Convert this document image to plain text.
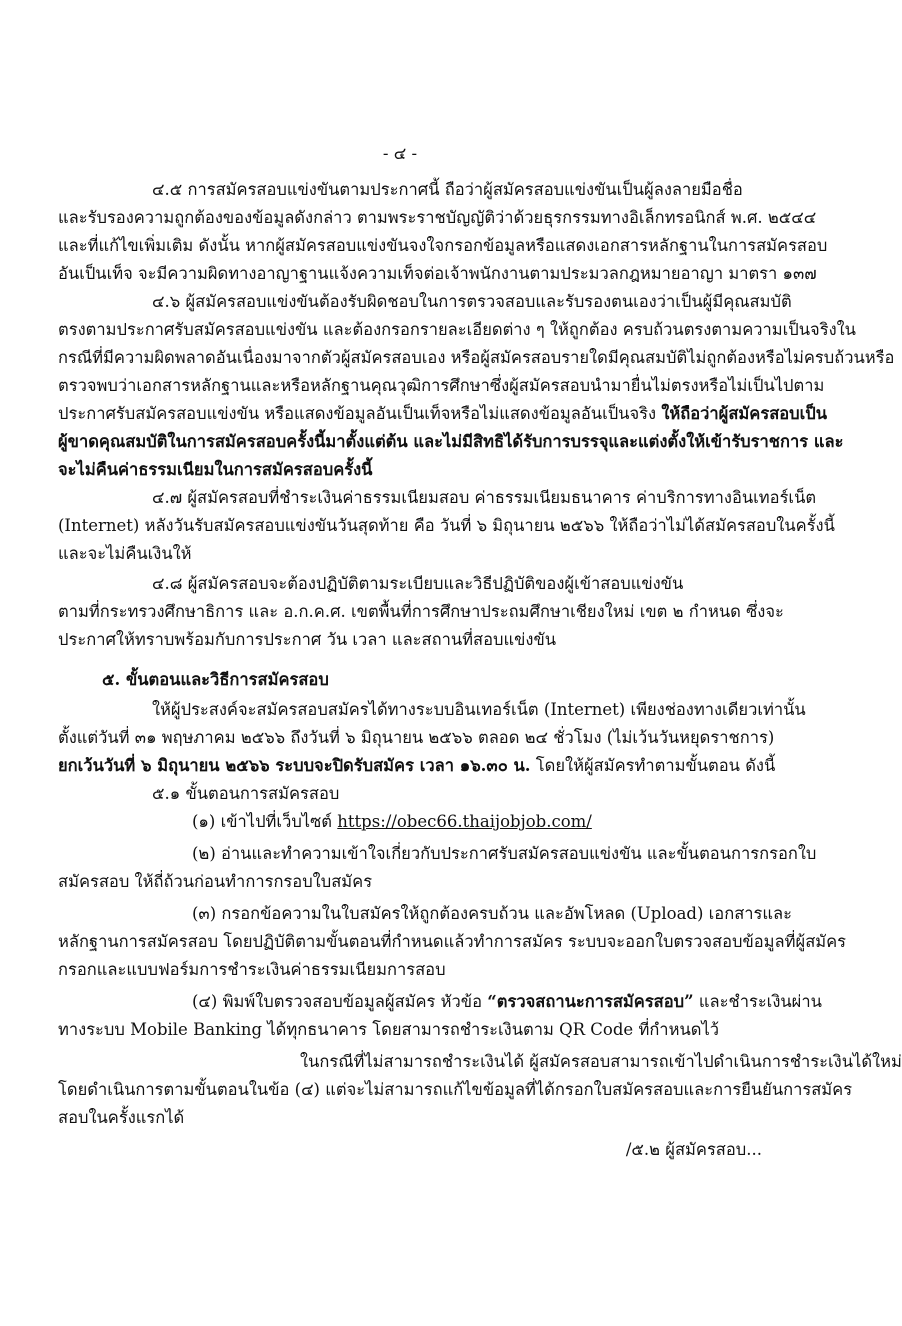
- ๔ -
๔.๕ การสมัครสอบแข่งขันตามประกาศนี้ ถือว่าผู้สมัครสอบแข่งขันเป็นผู้ลงลายมือชื่อ
และรับรองความถูกต้องของข้อมูลดังกล่าว ตามพระราชบัญญัติว่าด้วยธุรกรรมทางอิเล็กทรอนิกส์ พ.ศ. ๒๕๔๔
และที่แก้ไขเพิ่มเติม ดังนั้น หากผู้สมัครสอบแข่งขันจงใจกรอกข้อมูลหรือแสดงเอกสารหลักฐานในการสมัครสอบ
อันเป็นเท็จ จะมีความผิดทางอาญาฐานแจ้งความเท็จต่อเจ้าพนักงานตามประมวลกฎหมายอาญา มาตรา ๑๓๗
๔.๖ ผู้สมัครสอบแข่งขันต้องรับผิดชอบในการตรวจสอบและรับรองตนเองว่าเป็นผู้มีคุณสมบัติ
ตรงตามประกาศรับสมัครสอบแข่งขัน และต้องกรอกรายละเอียดต่าง ๆ ให้ถูกต้อง ครบถ้วนตรงตามความเป็นจริงใน
กรณีที่มีความผิดพลาดอันเนื่องมาจากตัวผู้สมัครสอบเอง หรือผู้สมัครสอบรายใดมีคุณสมบัติไม่ถูกต้องหรือไม่ครบถ้วนหรือ
ตรวจพบว่าเอกสารหลักฐานและหรือหลักฐานคุณวุฒิการศึกษาซึ่งผู้สมัครสอบนำมายื่นไม่ตรงหรือไม่เป็นไปตาม
ประกาศรับสมัครสอบแข่งขัน หรือแสดงข้อมูลอันเป็นเท็จหรือไม่แสดงข้อมูลอันเป็นจริง ให้ถือว่าผู้สมัครสอบเป็น
ผู้ขาดคุณสมบัติในการสมัครสอบครั้งนี้มาตั้งแต่ต้น และไม่มีสิทธิได้รับการบรรจุและแต่งตั้งให้เข้ารับราชการ และ
จะไม่คืนค่าธรรมเนียมในการสมัครสอบครั้งนี้
๔.๗ ผู้สมัครสอบที่ชำระเงินค่าธรรมเนียมสอบ ค่าธรรมเนียมธนาคาร ค่าบริการทางอินเทอร์เน็ต
(Internet) หลังวันรับสมัครสอบแข่งขันวันสุดท้าย คือ วันที่ ๖ มิถุนายน ๒๕๖๖ ให้ถือว่าไม่ได้สมัครสอบในครั้งนี้
และจะไม่คืนเงินให้
๔.๘ ผู้สมัครสอบจะต้องปฏิบัติตามระเบียบและวิธีปฏิบัติของผู้เข้าสอบแข่งขัน
ตามที่กระทรวงศึกษาธิการ และ อ.ก.ค.ศ. เขตพื้นที่การศึกษาประถมศึกษาเชียงใหม่ เขต ๒ กำหนด ซึ่งจะ
ประกาศให้ทราบพร้อมกับการประกาศ วัน เวลา และสถานที่สอบแข่งขัน
๕. ขั้นตอนและวิธีการสมัครสอบ
ให้ผู้ประสงค์จะสมัครสอบสมัครได้ทางระบบอินเทอร์เน็ต (Internet) เพียงช่องทางเดียวเท่านั้น
ตั้งแต่วันที่ ๓๑ พฤษภาคม ๒๕๖๖ ถึงวันที่ ๖ มิถุนายน ๒๕๖๖ ตลอด ๒๔ ชั่วโมง (ไม่เว้นวันหยุดราชการ)
ยกเว้นวันที่ ๖ มิถุนายน ๒๕๖๖ ระบบจะปิดรับสมัคร เวลา ๑๖.๓๐ น. โดยให้ผู้สมัครทำตามขั้นตอน ดังนี้
๕.๑ ขั้นตอนการสมัครสอบ
(๑) เข้าไปที่เว็บไซต์ https://obec66.thaijobjob.com/
(๒) อ่านและทำความเข้าใจเกี่ยวกับประกาศรับสมัครสอบแข่งขัน และขั้นตอนการกรอกใบ
สมัครสอบ ให้ถี่ถ้วนก่อนทำการกรอบใบสมัคร
(๓) กรอกข้อความในใบสมัครให้ถูกต้องครบถ้วน และอัพโหลด (Upload) เอกสารและ
หลักฐานการสมัครสอบ โดยปฏิบัติตามขั้นตอนที่กำหนดแล้วทำการสมัคร ระบบจะออกใบตรวจสอบข้อมูลที่ผู้สมัคร
กรอกและแบบฟอร์มการชำระเงินค่าธรรมเนียมการสอบ
(๔) พิมพ์ใบตรวจสอบข้อมูลผู้สมัคร หัวข้อ “ตรวจสถานะการสมัครสอบ” และชำระเงินผ่าน
ทางระบบ Mobile Banking ได้ทุกธนาคาร โดยสามารถชำระเงินตาม QR Code ที่กำหนดไว้
ในกรณีที่ไม่สามารถชำระเงินได้ ผู้สมัครสอบสามารถเข้าไปดำเนินการชำระเงินได้ใหม่
โดยดำเนินการตามขั้นตอนในข้อ (๔) แต่จะไม่สามารถแก้ไขข้อมูลที่ได้กรอกใบสมัครสอบและการยืนยันการสมัคร
สอบในครั้งแรกได้
/๕.๒ ผู้สมัครสอบ...
